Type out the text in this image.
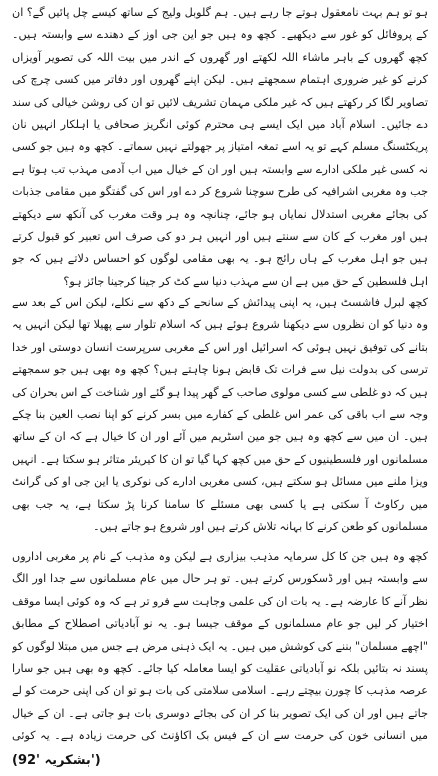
ہو تو ہم بہت نامعقول ہوتے جا رہے ہیں۔ ہم گلوبل ولیج کے ساتھ کیسے چل پائیں گے؟ ان کے پروفائل کو غور سے دیکھیے۔ کچھ وہ ہیں جو این جی اوز کے دھندے سے وابستہ ہیں۔ کچھ گھروں کے باہر ماشاء اللہ لکھتے اور گھروں کے اندر میں بیت اللہ کی تصویر آویزاں کرنے کو غیر ضروری اہتمام سمجھتے ہیں۔ لیکن اپنے گھروں اور دفاتر میں کسی چرچ کی تصاویر لگا کر رکھتے ہیں کہ غیر ملکی مہمان تشریف لائیں تو ان کی روشن خیالی کی سند دے جائیں۔ اسلام آباد میں ایک ایسے ہی محترم کوئی انگریز صحافی یا اہلکار انہیں نان پریکٹسنگ مسلم کہے تو یہ اسے تمغہ امتیاز پر جھولتے نہیں سماتے۔ کچھ وہ ہیں جو کسی نہ کسی غیر ملکی ادارے سے وابستہ ہیں اور ان کے خیال میں اب آدمی مہذب تب ہوتا ہے جب وہ مغربی اشرافیہ کی طرح سوچنا شروع کر دے اور اس کی گفتگو میں مقامی جذبات کی بجائے مغربی استدلال نمایاں ہو جائے، چنانچہ وہ ہر وقت مغرب کی آنکھ سے دیکھتے ہیں اور مغرب کے کان سے سنتے ہیں اور انہیں ہر دو کی صرف اس تعبیر کو قبول کرتے ہیں جو اہل مغرب کے ہاں رائج ہو۔ یہ بھی مقامی لوگوں کو احساس دلاتے ہیں کہ جو اہل فلسطین کے حق میں ہے ان سے مہذب دنیا سے کٹ کر جینا کرجینا جائز ہو؟

کچھ لبرل فاشسٹ ہیں، یہ اپنی پیدائش کے سانحے کے دکھ سے نکلے، لیکن اس کے بعد سے وہ دنیا کو ان نظروں سے دیکھنا شروع ہوئے ہیں کہ اسلام تلوار سے پھیلا تھا لیکن انہیں یہ بتانے کی توفیق نہیں ہوئی کہ اسرائیل اور اس کے مغربی سرپرست انسان دوستی اور خدا ترسی کی بدولت نیل سے فرات تک قابض ہونا چاہتے ہیں؟ کچھ وہ بھی ہیں جو سمجھتے ہیں کہ دو غلطی سے کسی مولوی صاحب کے گھر پیدا ہو گئے اور شناخت کے اس بحران کی وجہ سے اب باقی کی عمر اس غلطی کے کفارے میں بسر کرنے کو اپنا نصب العین بنا چکے ہیں۔ ان میں سے کچھ وہ ہیں جو مین اسٹریم میں آئے اور ان کا خیال ہے کہ ان کے ساتھ مسلمانوں اور فلسطینیوں کے حق میں کچھ کہا گیا تو ان کا کیریئر متاثر ہو سکتا ہے۔ انہیں ویزا ملنے میں مسائل ہو سکتے ہیں، کسی مغربی ادارے کی نوکری یا این جی او کی گرانٹ میں رکاوٹ آ سکتی ہے یا کسی بھی مسئلے کا سامنا کرنا پڑ سکتا ہے، یہ جب بھی مسلمانوں کو طعن کرنے کا بہانہ تلاش کرتے ہیں اور شروع ہو جاتے ہیں۔

کچھ وہ ہیں جن کا کل سرمایہ مذہب بیزاری ہے لیکن وہ مذہب کے نام پر مغربی اداروں سے وابستہ ہیں اور ڈسکورس کرتے ہیں۔ تو ہر حال میں عام مسلمانوں سے جدا اور الگ نظر آنے کا عارضہ ہے۔ یہ بات ان کی علمی وجاہت سے فرو تر ہے کہ وہ کوئی ایسا موقف اختیار کر لیں جو عام مسلمانوں کے موقف جیسا ہو۔ یہ نو آبادیاتی اصطلاح کے مطابق "اچھے مسلمان" بننے کی کوشش میں ہیں۔ یہ ایک ذہنی مرض ہے جس میں مبتلا لوگوں کو پسند نہ بتائیں بلکہ نو آبادیاتی عقلیت کو ایسا معاملہ کیا جائے۔ کچھ وہ بھی ہیں جو سارا عرصہ مذہب کا چورن بیچتے رہے۔ اسلامی سلامتی کی بات ہو تو ان کی اپنی حرمت کو لے جاتے ہیں اور ان کی ایک تصویر بنا کر ان کی بجائے دوسری بات ہو جاتی ہے۔ ان کے خیال میں انسانی خون کی حرمت سے ان کے فیس بک اکاؤنٹ کی حرمت زیادہ ہے۔ یہ کوئی

(بشکریہ '92')
